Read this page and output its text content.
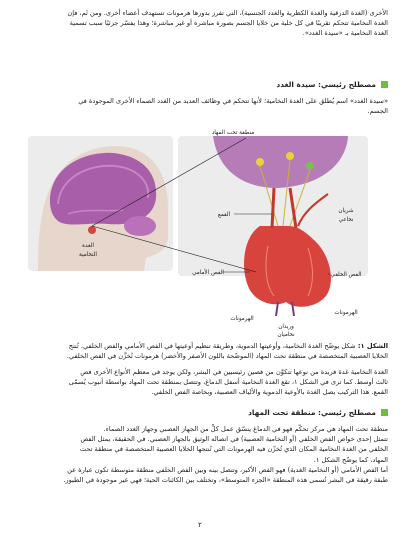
الأخرى (الغدة الدرقية والغدة الكظرية والغدد الجنسية)، التي تفرز بدورها هرمونات تستهدف أعضاء أخرى. ومن ثَم، فإن
الغدة النخامية تتحكم تقريبًا في كل خلية من خلايا الجسم بصورة مباشرة أو غير مباشرة؛ وهذا يفسّر جزئيًا سبب تسمية
الغدة النخامية بـ «سيدة الغدد».
مصطلح رئيسي: سيدة الغدد
«سيدة الغدد» اسم يُطلق على الغدة النخامية؛ لأنها تتحكم في وظائف العديد من الغدد الصماء الأخرى الموجودة في
الجسم.
الغدة
النخامية
منطقة تحت المهاد
القمع
شريان
نخاعي
الفص الأمامي	الفص الخلفي
الهرمونات
الهرمونات
وريدان
نخاميان
الشكل ١: شكل يوضّح الغدة النخامية، وأوعيتها الدموية، وطريقة تنظيم أوعيتها في الفص الأمامي والفص الخلفي. تُنتج
الخلايا العصبية المتخصصة في منطقة تحت المهاد (الموضّحة باللون الأصفر والأخضر) هرمونات تُخزَّن في الفص الخلفي.
الغدة النخامية غدة فريدة من نوعها تتكوَّن من فصين رئيسيين في البشر، ولكن يوجد في معظم الأنواع الأخرى فص
ثالث أوسط. كما ترى في الشكل ١، تقع الغدة النخامية أسفل الدماغ، وتتصل بمنطقة تحت المهاد بواسطة أنبوب يُسمّى
القمع. هذا التركيب يصل الغدة بالأوعية الدموية والألياف العصبية، وبخاصة الفص الخلفي.
مصطلح رئيسي: منطقة تحت المهاد
منطقة تحت المهاد هي مركز تحكّم فهو في الدماغ ينسّق عمل كلٍّ من الجهاز العصبي وجهاز الغدد الصماء.
تتمثل إحدى خواص الفص الخلفي (أو النخامية العصبية) في اتصاله الوثيق بالجهاز العصبي. في الحقيقة، يمثل الفص
الخلفي من الغدة النخامية المكان الذي تُخزّن فيه الهرمونات التي تُنتجها الخلايا العصبية المتخصصة في منطقة تحت
المهاد، كما يوضّح الشكل ١.
أما الفص الأمامي (أو النخامية الغدية) فهو الفص الأكبر، وتتصل بينه وبين الفص الخلفي منطقة متوسطة تكون عبارة عن
طبقة رقيقة في البشر تُسمى هذه المنطقة «الجزء المتوسط»، وتختلف بين الكائنات الحية؛ فهي غير موجودة في الطيور.
٢
